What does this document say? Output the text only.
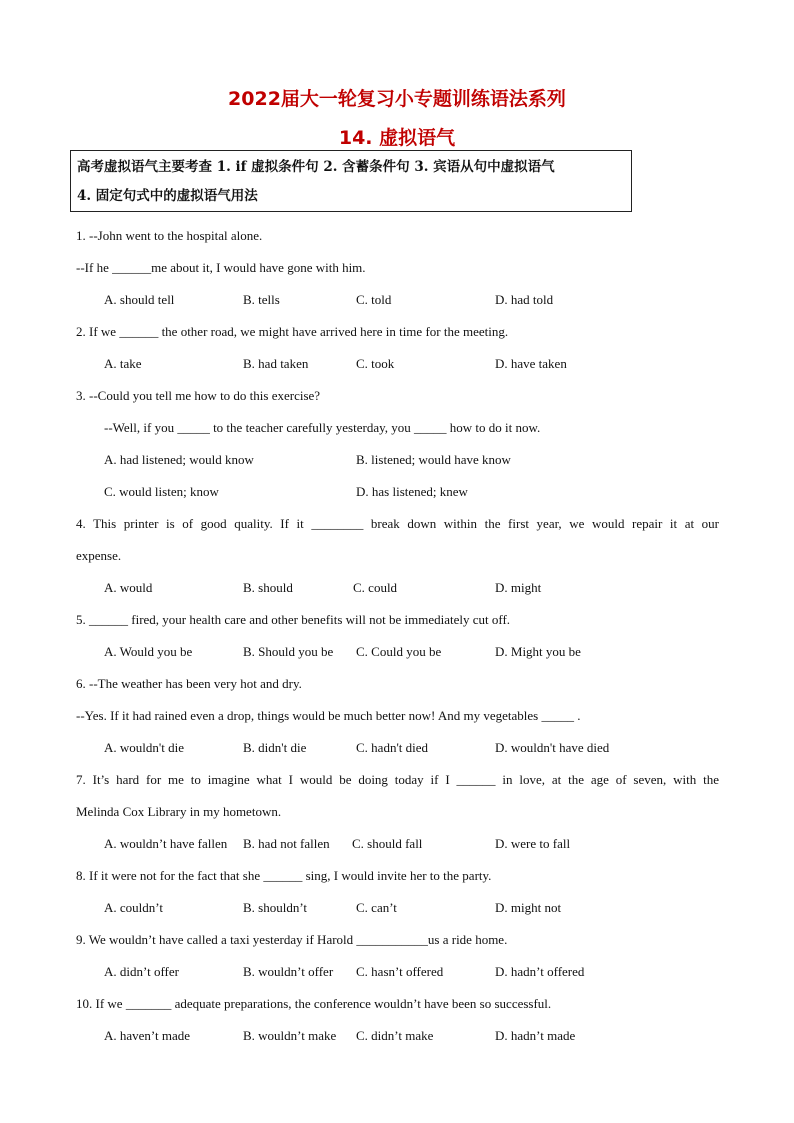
2022届大一轮复习小专题训练语法系列
14. 虚拟语气
高考虚拟语气主要考查 1. if 虚拟条件句 2. 含蓄条件句 3. 宾语从句中虚拟语气
4. 固定句式中的虚拟语气用法
1. --John went to the hospital alone.
--If he ______me about it, I would have gone with him.
A. should tell	B. tells	C. told	D. had told
2. If we ______ the other road, we might have arrived here in time for the meeting.
A. take	B. had taken	C. took	D. have taken
3. --Could you tell me how to do this exercise?
--Well, if you _____ to the teacher carefully yesterday, you _____ how to do it now.
A. had listened; would know	B. listened; would have know
C. would listen; know	D. has listened; knew
4. This printer is of good quality. If it ________ break down within the first year, we would repair it at our
expense.
A. would	B. should	C. could	D. might
5. ______ fired, your health care and other benefits will not be immediately cut off.
A. Would you be	B. Should you be C. Could you be	D. Might you be
6. --The weather has been very hot and dry.
--Yes. If it had rained even a drop, things would be much better now! And my vegetables _____ .
A. wouldn't die	B. didn't die	C. hadn't died	D. wouldn't have died
7. It’s hard for me to imagine what I would be doing today if I ______ in love, at the age of seven, with the
Melinda Cox Library in my hometown.
A. wouldn’t have fallen B. had not fallen C. should fall	D. were to fall
8. If it were not for the fact that she ______ sing, I would invite her to the party.
A. couldn’t	B. shouldn’t	C. can’t	D. might not
9. We wouldn’t have called a taxi yesterday if Harold ___________us a ride home.
A. didn’t offer	B. wouldn’t offer C. hasn’t offered	D. hadn’t offered
10. If we _______ adequate preparations, the conference wouldn’t have been so successful.
A. haven’t made	B. wouldn’t make C. didn’t make	D. hadn’t made
